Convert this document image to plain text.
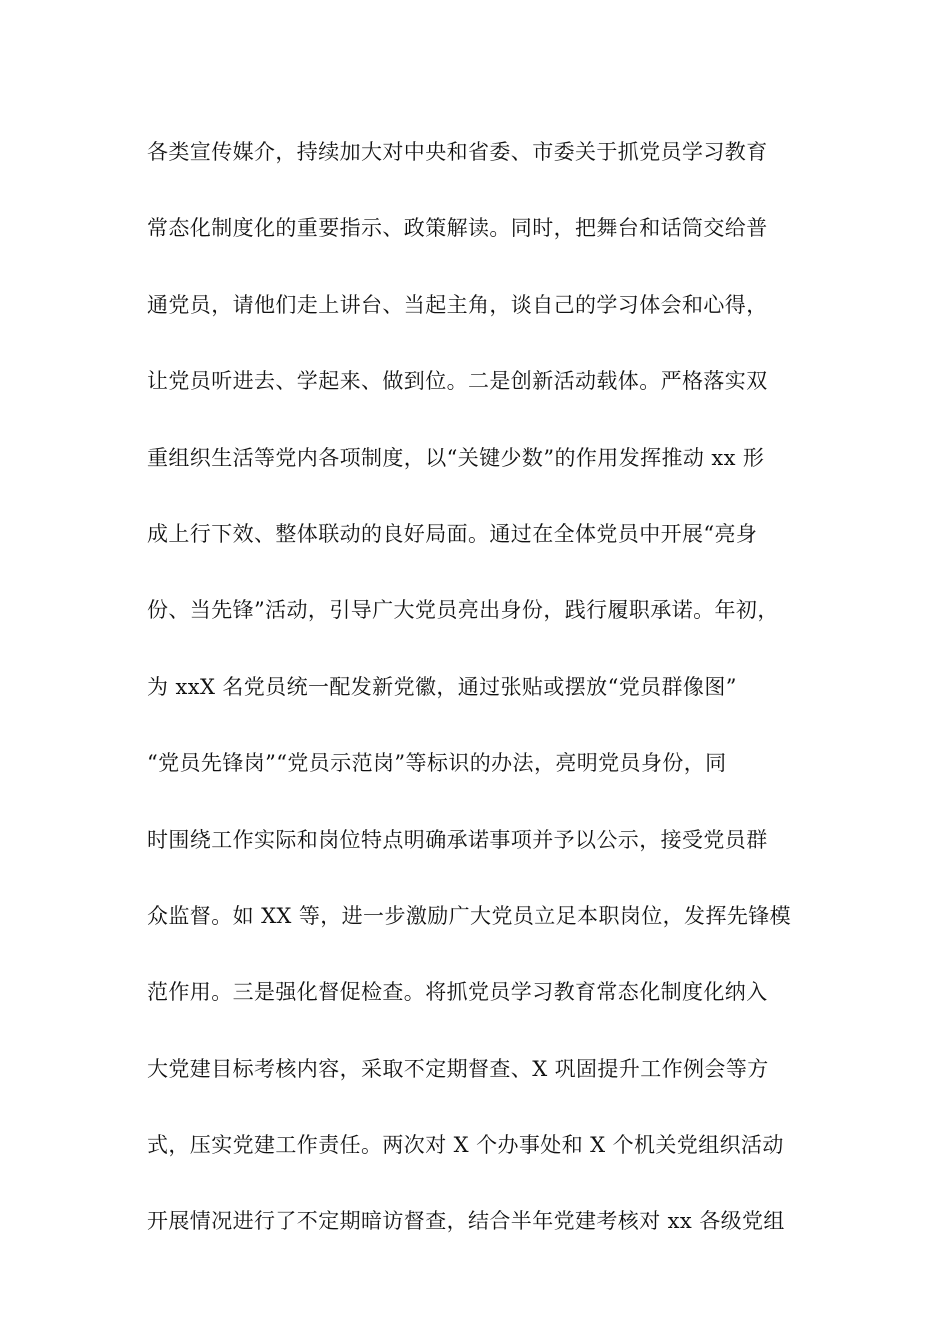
各类宣传媒介，持续加大对中央和省委、市委关于抓党员学习教育
常态化制度化的重要指示、政策解读。同时，把舞台和话筒交给普
通党员，请他们走上讲台、当起主角，谈自己的学习体会和心得，
让党员听进去、学起来、做到位。二是创新活动载体。严格落实双
重组织生活等党内各项制度，以“关键少数”的作用发挥推动 xx 形
成上行下效、整体联动的良好局面。通过在全体党员中开展“亮身
份、当先锋”活动，引导广大党员亮出身份，践行履职承诺。年初，
为 xxX 名党员统一配发新党徽，通过张贴或摆放“党员群像图”
“党员先锋岗”“党员示范岗”等标识的办法，亮明党员身份，同
时围绕工作实际和岗位特点明确承诺事项并予以公示，接受党员群
众监督。如 XX 等，进一步激励广大党员立足本职岗位，发挥先锋模
范作用。三是强化督促检查。将抓党员学习教育常态化制度化纳入
大党建目标考核内容，采取不定期督查、X 巩固提升工作例会等方
式，压实党建工作责任。两次对 X 个办事处和 X 个机关党组织活动
开展情况进行了不定期暗访督查，结合半年党建考核对 xx 各级党组
